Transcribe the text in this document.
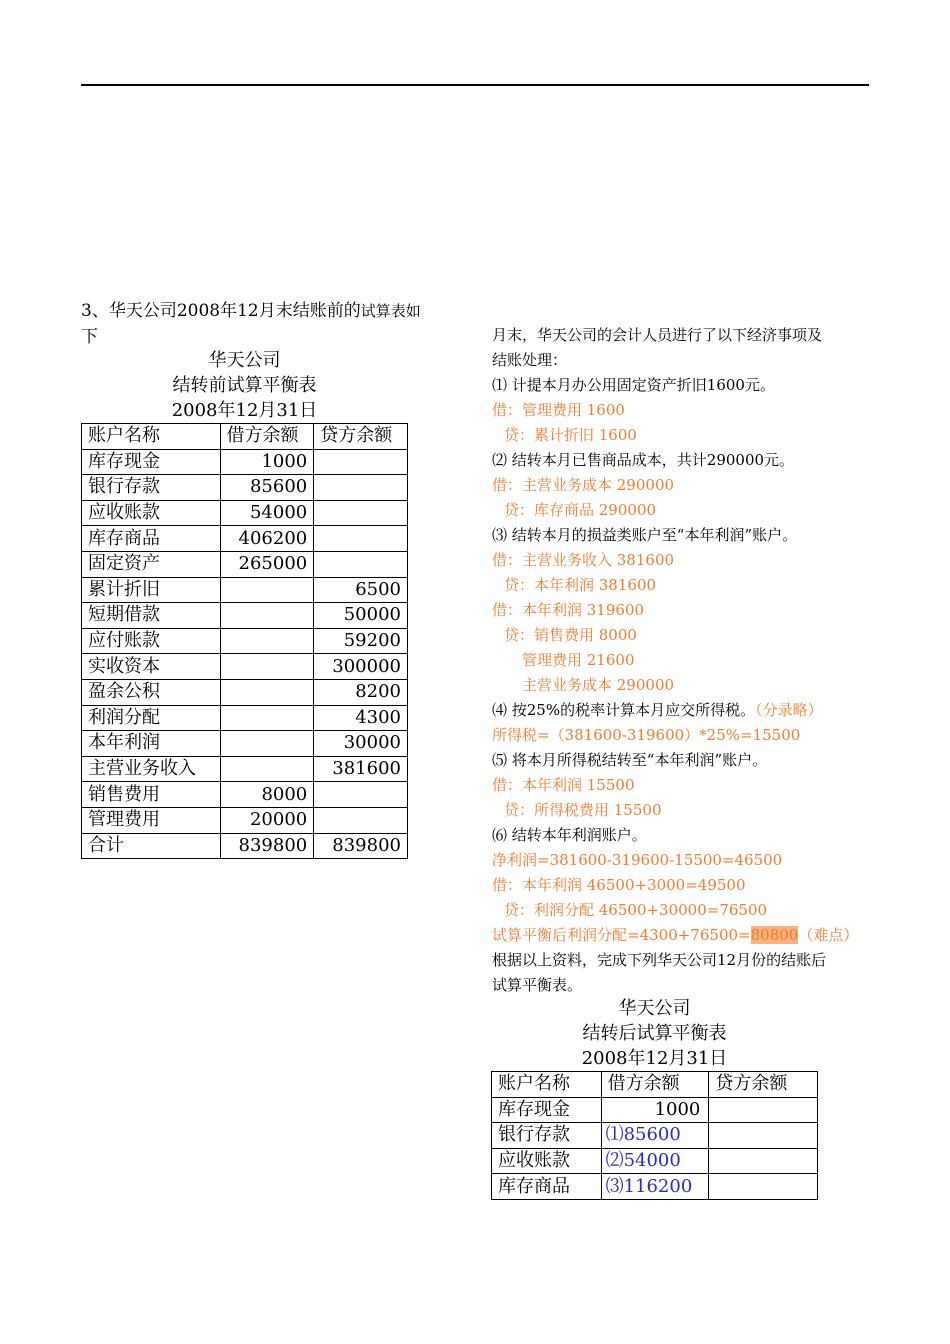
3、华天公司2008年12月末结账前的试算表如
下
华天公司
结转前试算平衡表
2008年12月31日
账户名称	借方余额	贷方余额
库存现金	1000	
银行存款	85600	
应收账款	54000	
库存商品	406200	
固定资产	265000	
累计折旧		6500
短期借款		50000
应付账款		59200
实收资本		300000
盈余公积		8200
利润分配		4300
本年利润		30000
主营业务收入		381600
销售费用	8000	
管理费用	20000	
合计	839800	839800
月末，华天公司的会计人员进行了以下经济事项及
结账处理：
⑴ 计提本月办公用固定资产折旧1600元。
借：管理费用 1600
贷：累计折旧 1600
⑵ 结转本月已售商品成本，共计290000元。
借：主营业务成本 290000
贷：库存商品 290000
⑶ 结转本月的损益类账户至“本年利润”账户。
借：主营业务收入 381600
贷：本年利润 381600
借：本年利润 319600
贷：销售费用 8000
管理费用 21600
主营业务成本 290000
⑷ 按25%的税率计算本月应交所得税。（分录略）
所得税=（381600-319600）*25%=15500
⑸ 将本月所得税结转至“本年利润”账户。
借：本年利润 15500
贷：所得税费用 15500
⑹ 结转本年利润账户。
净利润=381600-319600-15500=46500
借：本年利润 46500+3000=49500
贷：利润分配 46500+30000=76500
试算平衡后利润分配=4300+76500=80800（难点）
根据以上资料，完成下列华天公司12月份的结账后
试算平衡表。
华天公司
结转后试算平衡表
2008年12月31日
账户名称	借方余额	贷方余额
库存现金	1000	
银行存款	⑴85600	
应收账款	⑵54000	
库存商品	⑶116200	
